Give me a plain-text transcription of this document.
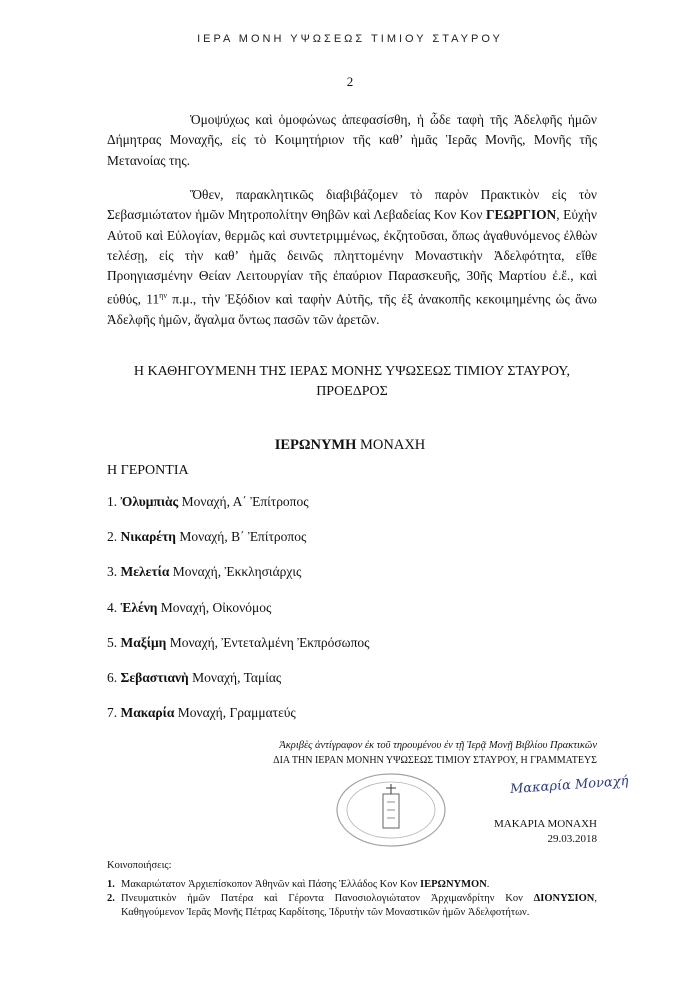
ΙΕΡΑ ΜΟΝΗ ΥΨΩΣΕΩΣ ΤΙΜΙΟΥ ΣΤΑΥΡΟΥ
2
Ὁμοψύχως καὶ ὁμοφώνως ἀπεφασίσθη, ἡ ὧδε ταφὴ τῆς Ἀδελφῆς ἡμῶν Δήμητρας Μοναχῆς, εἰς τὸ Κοιμητήριον τῆς καθ’ ἡμᾶς Ἱερᾶς Μονῆς, Μονῆς τῆς Μετανοίας της.
Ὅθεν, παρακλητικῶς διαβιβάζομεν τὸ παρὸν Πρακτικὸν εἰς τὸν Σεβασμιώτατον ἡμῶν Μητροπολίτην Θηβῶν καὶ Λεβαδείας Κον Κον ΓΕΩΡΓΙΟΝ, Εὐχὴν Αὐτοῦ καὶ Εὐλογίαν, θερμῶς καὶ συντετριμμένως, ἐκζητοῦσαι, ὅπως ἀγαθυνόμενος ἐλθὼν τελέσῃ, εἰς τὴν καθ’ ἡμᾶς δεινῶς πληττομένην Μοναστικὴν Ἀδελφότητα, εἴθε Προηγιασμένην Θείαν Λειτουργίαν τῆς ἐπαύριον Παρασκευῆς, 30ῆς Μαρτίου ἐ.ἔ., καὶ εὐθύς, $11^{\eta\nu}$ π.μ., τὴν Ἐξόδιον καὶ ταφὴν Αὐτῆς, τῆς ἐξ ἀνακοπῆς κεκοιμημένης ὡς ἄνω Ἀδελφῆς ἡμῶν, ἄγαλμα ὄντως πασῶν τῶν ἀρετῶν.
Η ΚΑΘΗΓΟΥΜΕΝΗ ΤΗΣ ΙΕΡΑΣ ΜΟΝΗΣ ΥΨΩΣΕΩΣ ΤΙΜΙΟΥ ΣΤΑΥΡΟΥ,
ΠΡΟΕΔΡΟΣ
ΙΕΡΩΝΥΜΗ ΜΟΝΑΧΗ
Η ΓΕΡΟΝΤΙΑ
1. Ὀλυμπιὰς Μοναχή, Α΄ Ἐπίτροπος
2. Νικαρέτη Μοναχή, Β΄ Ἐπίτροπος
3. Μελετία Μοναχή, Ἐκκλησιάρχις
4. Ἑλένη Μοναχή, Οἰκονόμος
5. Μαξίμη Μοναχή, Ἐντεταλμένη Ἐκπρόσωπος
6. Σεβαστιανὴ Μοναχή, Ταμίας
7. Μακαρία Μοναχή, Γραμματεύς
Ἀκριβὲς ἀντίγραφον ἐκ τοῦ τηρουμένου ἐν τῇ Ἱερᾷ Μονῇ Βιβλίου Πρακτικῶν
ΔΙΑ ΤΗΝ ΙΕΡΑΝ ΜΟΝΗΝ ΥΨΩΣΕΩΣ ΤΙΜΙΟΥ ΣΤΑΥΡΟΥ, Η ΓΡΑΜΜΑΤΕΥΣ
Μακαρία Μοναχή
ΜΑΚΑΡΙΑ ΜΟΝΑΧΗ
29.03.2018
Κοινοποιήσεις:
1. Μακαριώτατον Ἀρχιεπίσκοπον Ἀθηνῶν καὶ Πάσης Ἑλλάδος Κον Κον ΙΕΡΩΝΥΜΟΝ.
2. Πνευματικὸν ἡμῶν Πατέρα καὶ Γέροντα Πανοσιολογιώτατον Ἀρχιμανδρίτην Κον ΔΙΟΝΥΣΙΟΝ, Καθηγούμενον Ἱερᾶς Μονῆς Πέτρας Καρδίτσης, Ἱδρυτὴν τῶν Μοναστικῶν ἡμῶν Ἀδελφοτήτων.
